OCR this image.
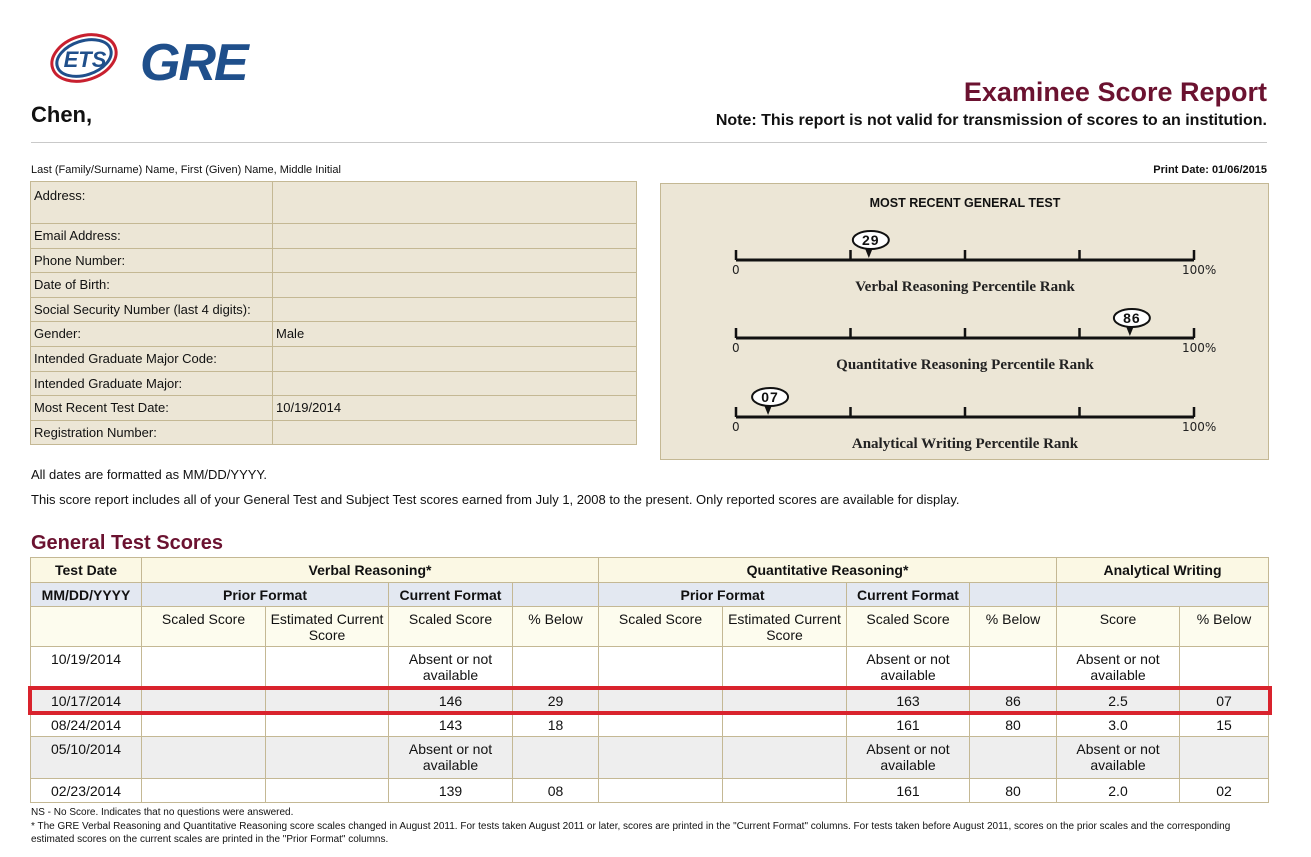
ETS GRE
Chen,
Examinee Score Report
Note: This report is not valid for transmission of scores to an institution.
Last (Family/Surname) Name, First (Given) Name, Middle Initial	Print Date: 01/06/2015
Address:	
Email Address:	
Phone Number:	
Date of Birth:	
Social Security Number (last 4 digits):	
Gender:	Male
Intended Graduate Major Code:	
Intended Graduate Major:	
Most Recent Test Date:	10/19/2014
Registration Number:	
MOST RECENT GENERAL TEST
0	100%
29
Verbal Reasoning Percentile Rank
0	100%
86
Quantitative Reasoning Percentile Rank
0	100%
07
Analytical Writing Percentile Rank
All dates are formatted as MM/DD/YYYY.
This score report includes all of your General Test and Subject Test scores earned from July 1, 2008 to the present. Only reported scores are available for display.
General Test Scores
Test Date	Verbal Reasoning*				Quantitative Reasoning*				Analytical Writing	
MM/DD/YYYY	Prior Format		Current Format		Prior Format		Current Format			
	Scaled Score	Estimated Current Score	Scaled Score	% Below	Scaled Score	Estimated Current Score	Scaled Score	% Below	Score	% Below
10/19/2014			Absent or not available				Absent or not available		Absent or not available	
10/17/2014			146	29			163	86	2.5	07
08/24/2014			143	18			161	80	3.0	15
05/10/2014			Absent or not available				Absent or not available		Absent or not available	
02/23/2014			139	08			161	80	2.0	02
NS - No Score. Indicates that no questions were answered.
* The GRE Verbal Reasoning and Quantitative Reasoning score scales changed in August 2011. For tests taken August 2011 or later, scores are printed in the "Current Format" columns. For tests taken before August 2011, scores on the prior scales and the corresponding estimated scores on the current scales are printed in the "Prior Format" columns.
